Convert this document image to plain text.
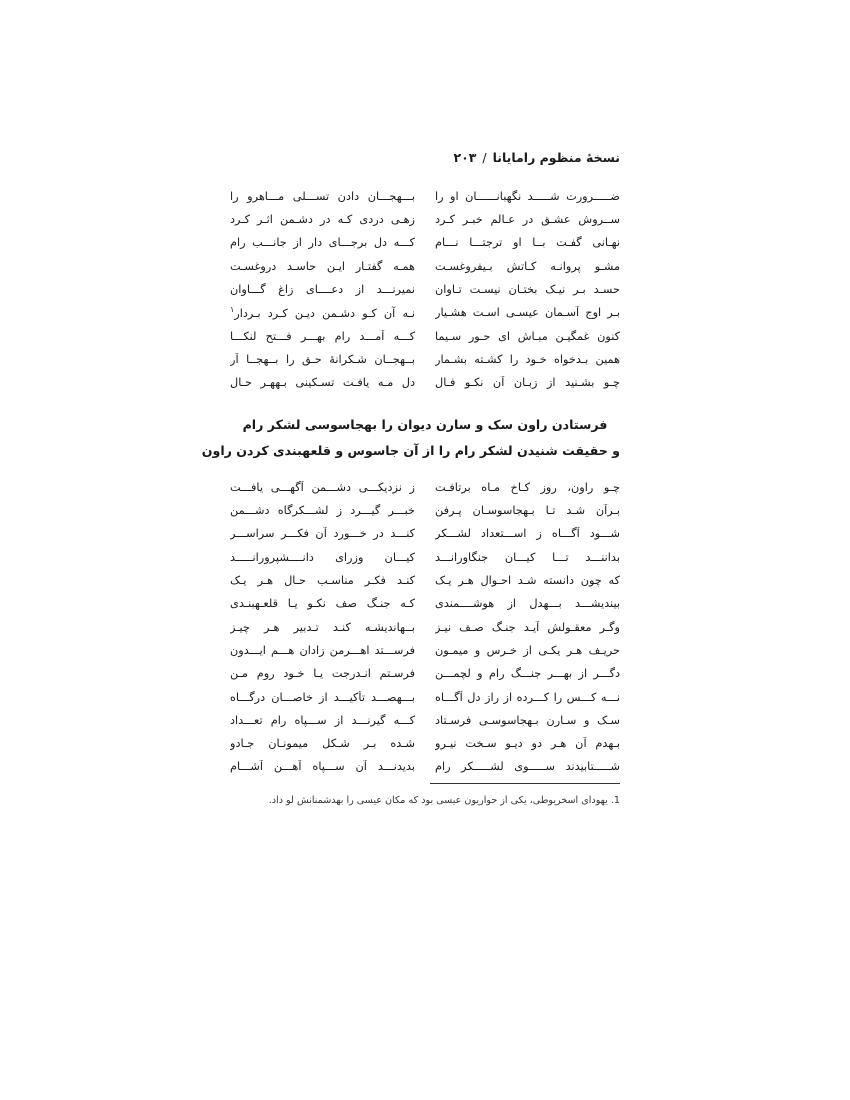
نسخهٔ منظوم رامایانا/۲۰۳
ضـــــرورت شـــــد نگهبانــــــان او را
بـــهجـــان دادن تســـلی مـــاهرو را
ســروش عشـق در عـالم خبـر کـرد
زهـی دردی کـه در دشـمن اثـر کـرد
نهـانی گفـت بــا او ترجتـــا نـــام
کـــه دل برجـــای دار از جانـــب رام
مشـو پروانـه کـاتش بـیفروغسـت
همـه گفتـار ایـن حاسـد دروغسـت
حسـد بـر نیـک بختـان نیسـت تـاوان
نمیرنـــد از دعــــای زاغ گـــاوان
بـر اوج آسـمان عیسـی اسـت هشـیار
نـه آن کـو دشـمن دیـن کـرد بـردار$^۱$
کنون غمگیـن مبـاش ای حـور سـیما
کـــه آمـــد رام بهـــر فـــتح لنکـــا
همین بـدخواه خـود را کشـته بشـمار
بــهجــان شـکرانهٔ حـق را بــهجــا آر
چـو بشـنید از زبـان آن نکـو فـال
دل مـه یافـت تسـکینی بـههـر حـال
فرستادن راون سک و سارن دیوان را بهجاسوسی لشکر رام
و حقیقت شنیدن لشکر رام را از آن جاسوس و قلعهبندی کردن راون
چـو راون، روز کـاخ مـاه برتافـت
ز نزدیکـــی دشـــمن آگهـــی یافـــت
بـرآن شـد تـا بـهجاسوسـان پـرفن
خبـــر گیـــرد ز لشـــکرگاه دشـــمن
شـــود آگـــاه ز اســـتعداد لشـــکر
کنـــد در خـــورد آن فکـــر سراســـر
بداننـــد تـــا کیـــان جنگاورانـــد
کیـــان وزرای دانــــشپرورانـــــد
که چون دانسته شـد احـوال هـر یـک
کنـد فکـر مناسـب حـال هـر یـک
بیندیشـــد بـــهدل از هوشــــمندی
کـه جنـگ صف نکـو یـا قلعـهبنـدی
وگـر معقـولش آیـد جنـگ صـف نیـز
بــهاندیشـه کنـد تـدبیر هـر چیـز
حریـف هـر یکـی از خـرس و میمـون
فرســـتد اهـــرمن زادان هـــم ایـــدون
دگـــر از بهـــر جنـــگ رام و لچمـــن
فرسـتم انـدرجت یـا خـود روم مـن
نـــه کـــس را کـــرده از راز دل آگـــاه
بـــهصـــد تأکیـــد از خاصـــان درگـــاه
سـک و سـارن بـهجاسوسـی فرسـتاد
کـــه گیرنـــد از ســـپاه رام تعـــداد
بـهدم آن هـر دو دیـو سـخت نیـرو
شـده بـر شـکل میمونـان جـادو
شـــــتابیدند ســـــوی لشـــــکر رام
بدیدنـــد آن ســـپاه آهـــن آشـــام
1. یهودای اسخریوطی، یکی از حواریون عیسی بود که مکان عیسی را بهدشمنانش لو داد.
